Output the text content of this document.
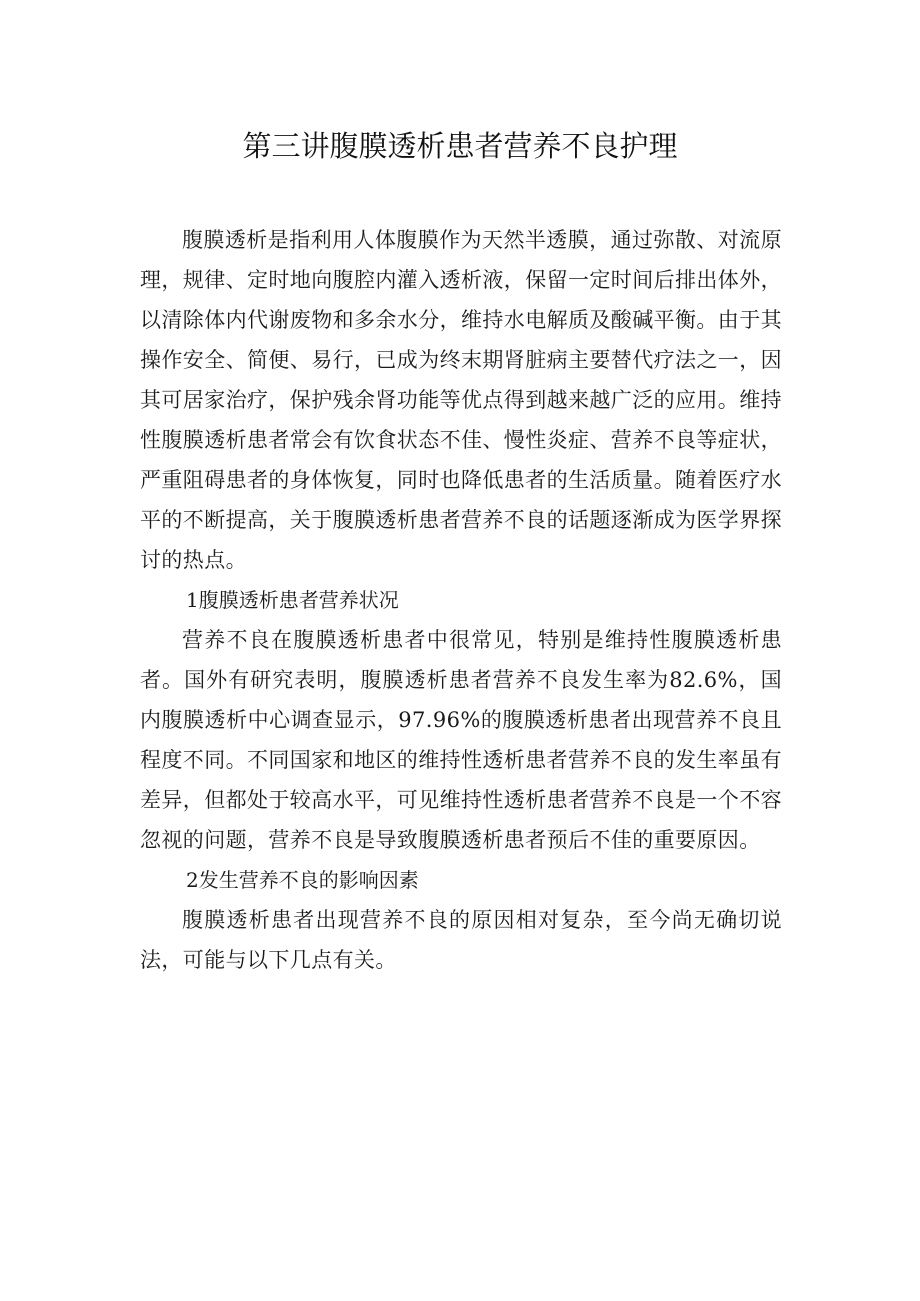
第三讲腹膜透析患者营养不良护理

腹膜透析是指利用人体腹膜作为天然半透膜，通过弥散、对流原理，规律、定时地向腹腔内灌入透析液，保留一定时间后排出体外，以清除体内代谢废物和多余水分，维持水电解质及酸碱平衡。由于其操作安全、简便、易行，已成为终末期肾脏病主要替代疗法之一，因其可居家治疗，保护残余肾功能等优点得到越来越广泛的应用。维持性腹膜透析患者常会有饮食状态不佳、慢性炎症、营养不良等症状，严重阻碍患者的身体恢复，同时也降低患者的生活质量。随着医疗水平的不断提高，关于腹膜透析患者营养不良的话题逐渐成为医学界探讨的热点。

1腹膜透析患者营养状况

营养不良在腹膜透析患者中很常见，特别是维持性腹膜透析患者。国外有研究表明，腹膜透析患者营养不良发生率为82.6%，国内腹膜透析中心调查显示，97.96%的腹膜透析患者出现营养不良且程度不同。不同国家和地区的维持性透析患者营养不良的发生率虽有差异，但都处于较高水平，可见维持性透析患者营养不良是一个不容忽视的问题，营养不良是导致腹膜透析患者预后不佳的重要原因。

2发生营养不良的影响因素

腹膜透析患者出现营养不良的原因相对复杂，至今尚无确切说法，可能与以下几点有关。
